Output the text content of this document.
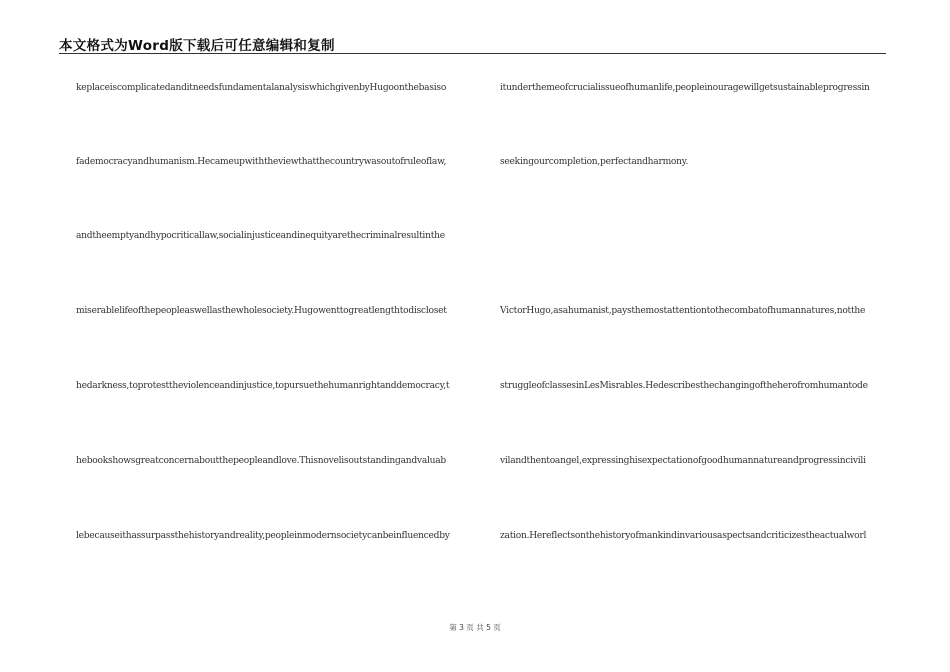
本文格式为Word版下载后可任意编辑和复制
keplaceiscomplicatedanditneedsfundamentalanalysiswhichgivenbyHugoonthebasiso
fademocracyandhumanism.Hecameupwiththeviewthatthecountrywasoutofruleoflaw,
andtheemptyandhypocriticallaw,socialinjusticeandinequityarethecriminalresultinthe
miserablelifeofthepeopleaswellasthewholesociety.Hugowenttogreatlengthtodiscloset
hedarkness,toprotesttheviolenceandinjustice,topursuethehumanrightanddemocracy,t
hebookshowsgreatconcernaboutthepeopleandlove.Thisnovelisoutstandingandvaluab
lebecauseithassurpassthehistoryandreality,peopleinmodernsocietycanbeinfluencedby
itunderthemeofcrucialissueofhumanlife,peopleinouragewillgetsustainableprogressin
seekingourcompletion,perfectandharmony.
VictorHugo,asahumanist,paysthemostattentiontothecombatofhumannatures,notthe
struggleofclassesinLesMisrables.Hedescribesthechangingoftheherofromhumantode
vilandthentoangel,expressinghisexpectationofgoodhumannatureandprogressincivili
zation.Hereflectsonthehistoryofmankindinvariousaspectsandcriticizestheactualworl
第 3 页 共 5 页
